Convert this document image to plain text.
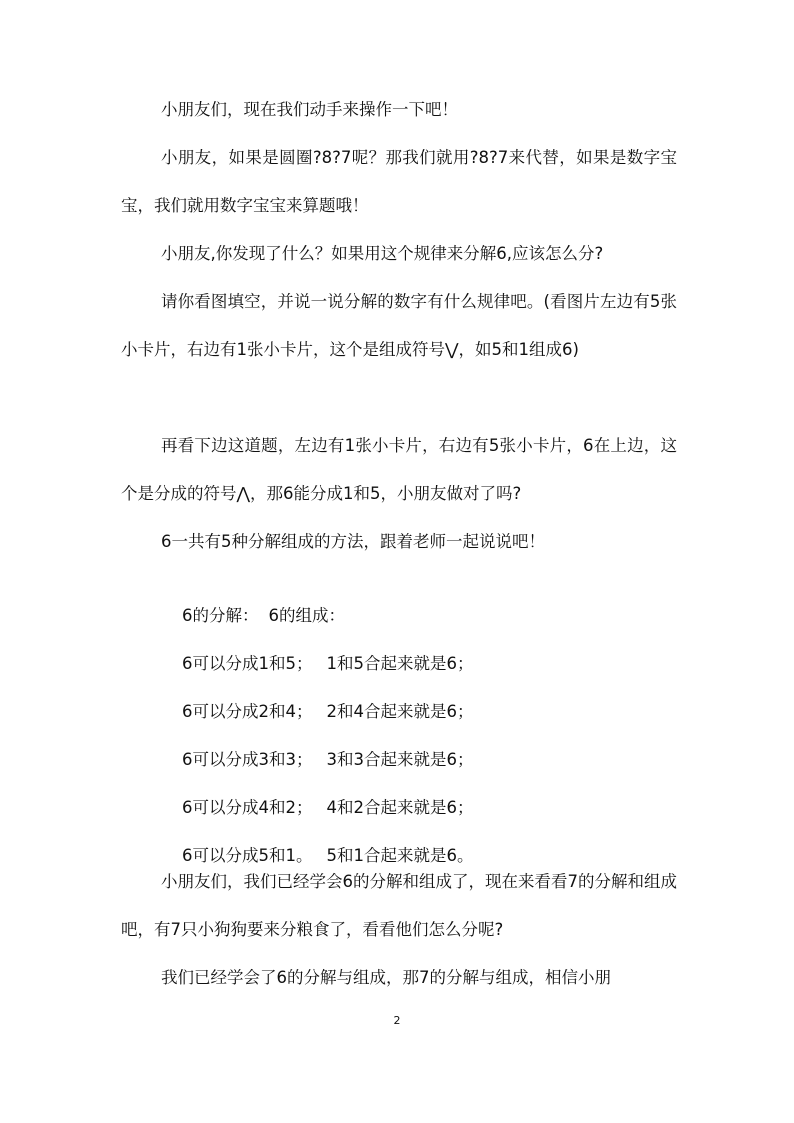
小朋友们，现在我们动手来操作一下吧！

小朋友，如果是圆圈?8?7呢？那我们就用?8?7来代替，如果是数字宝宝，我们就用数字宝宝来算题哦！

小朋友,你发现了什么？如果用这个规律来分解6,应该怎么分?

请你看图填空，并说一说分解的数字有什么规律吧。(看图片左边有5张小卡片，右边有1张小卡片，这个是组成符号⋁，如5和1组成6)

再看下边这道题，左边有1张小卡片，右边有5张小卡片，6在上边，这个是分成的符号⋀，那6能分成1和5，小朋友做对了吗?

6一共有5种分解组成的方法，跟着老师一起说说吧！

6的分解： 6的组成：

6可以分成1和5； 1和5合起来就是6；

6可以分成2和4； 2和4合起来就是6；

6可以分成3和3； 3和3合起来就是6；

6可以分成4和2； 4和2合起来就是6；

6可以分成5和1。 5和1合起来就是6。

小朋友们，我们已经学会6的分解和组成了，现在来看看7的分解和组成吧，有7只小狗狗要来分粮食了，看看他们怎么分呢?

我们已经学会了6的分解与组成，那7的分解与组成，相信小朋

2
